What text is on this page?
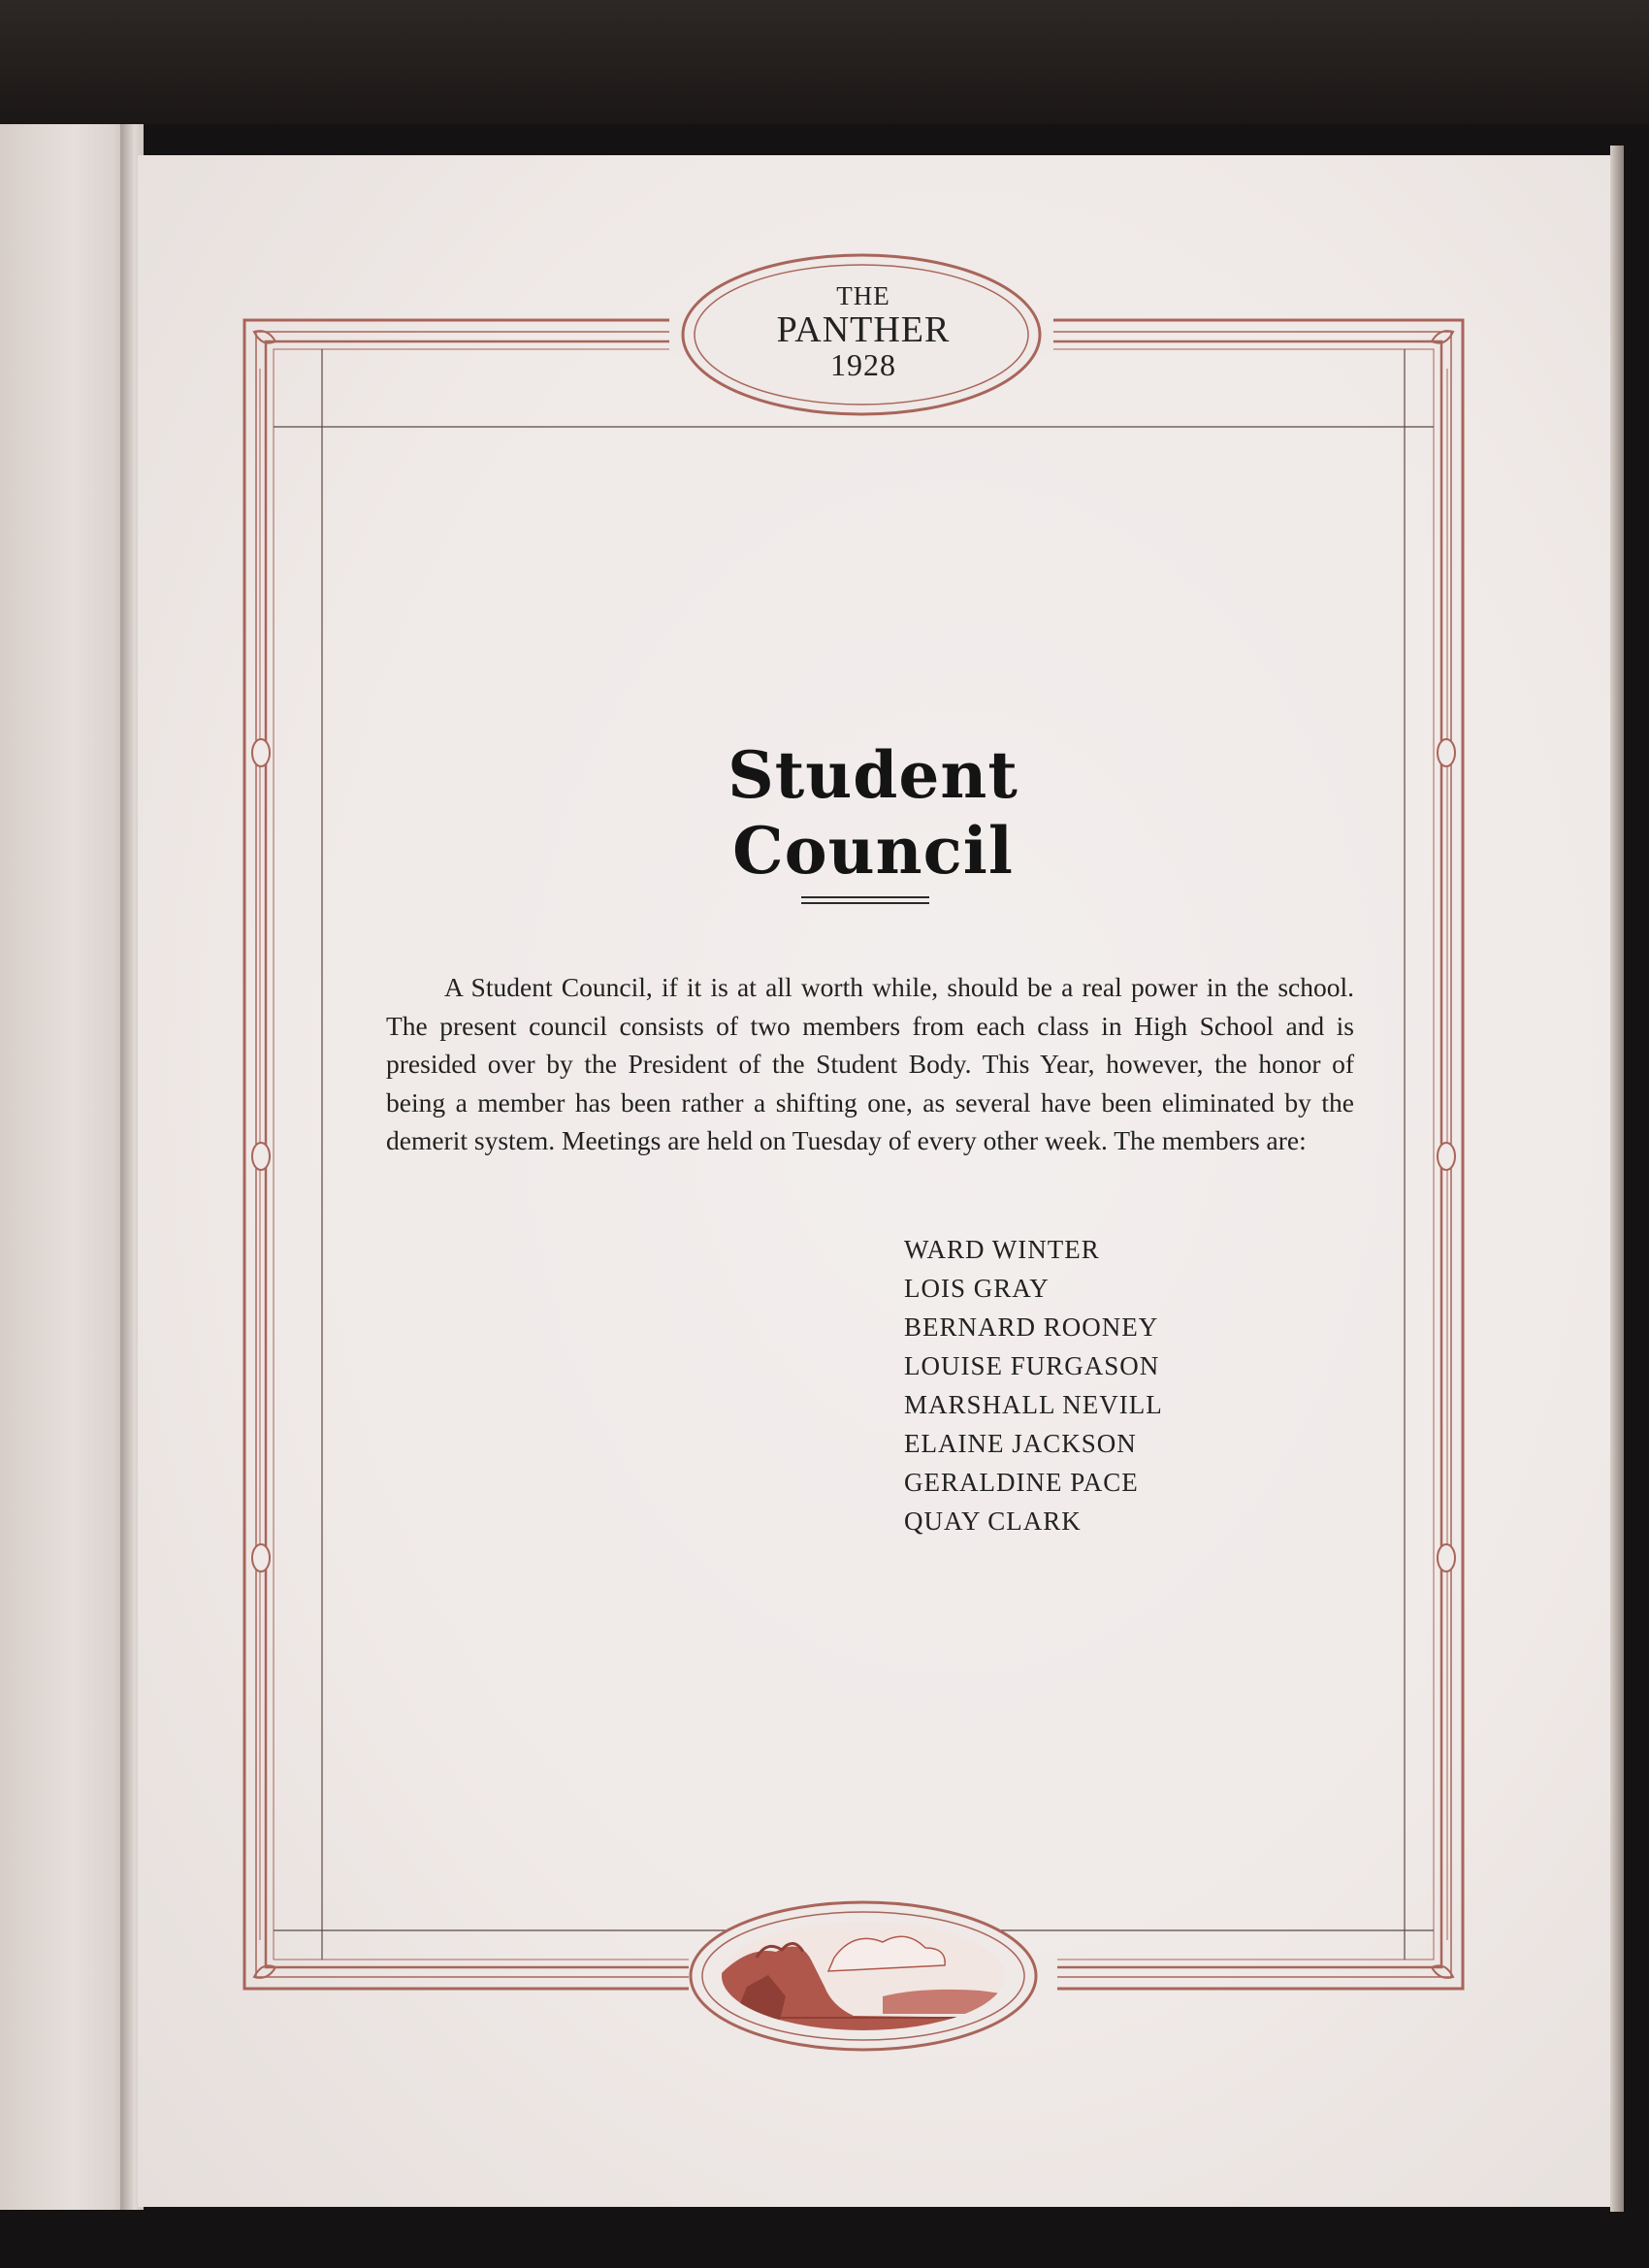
THE
PANTHER
1928
Student Council

A Student Council, if it is at all worth while, should be a real power in the school. The present council consists of two members from each class in High School and is presided over by the President of the Student Body. This Year, however, the honor of being a member has been rather a shifting one, as several have been eliminated by the demerit system. Meetings are held on Tuesday of every other week. The members are:

WARD WINTER
LOIS GRAY
BERNARD ROONEY
LOUISE FURGASON
MARSHALL NEVILL
ELAINE JACKSON
GERALDINE PACE
QUAY CLARK
